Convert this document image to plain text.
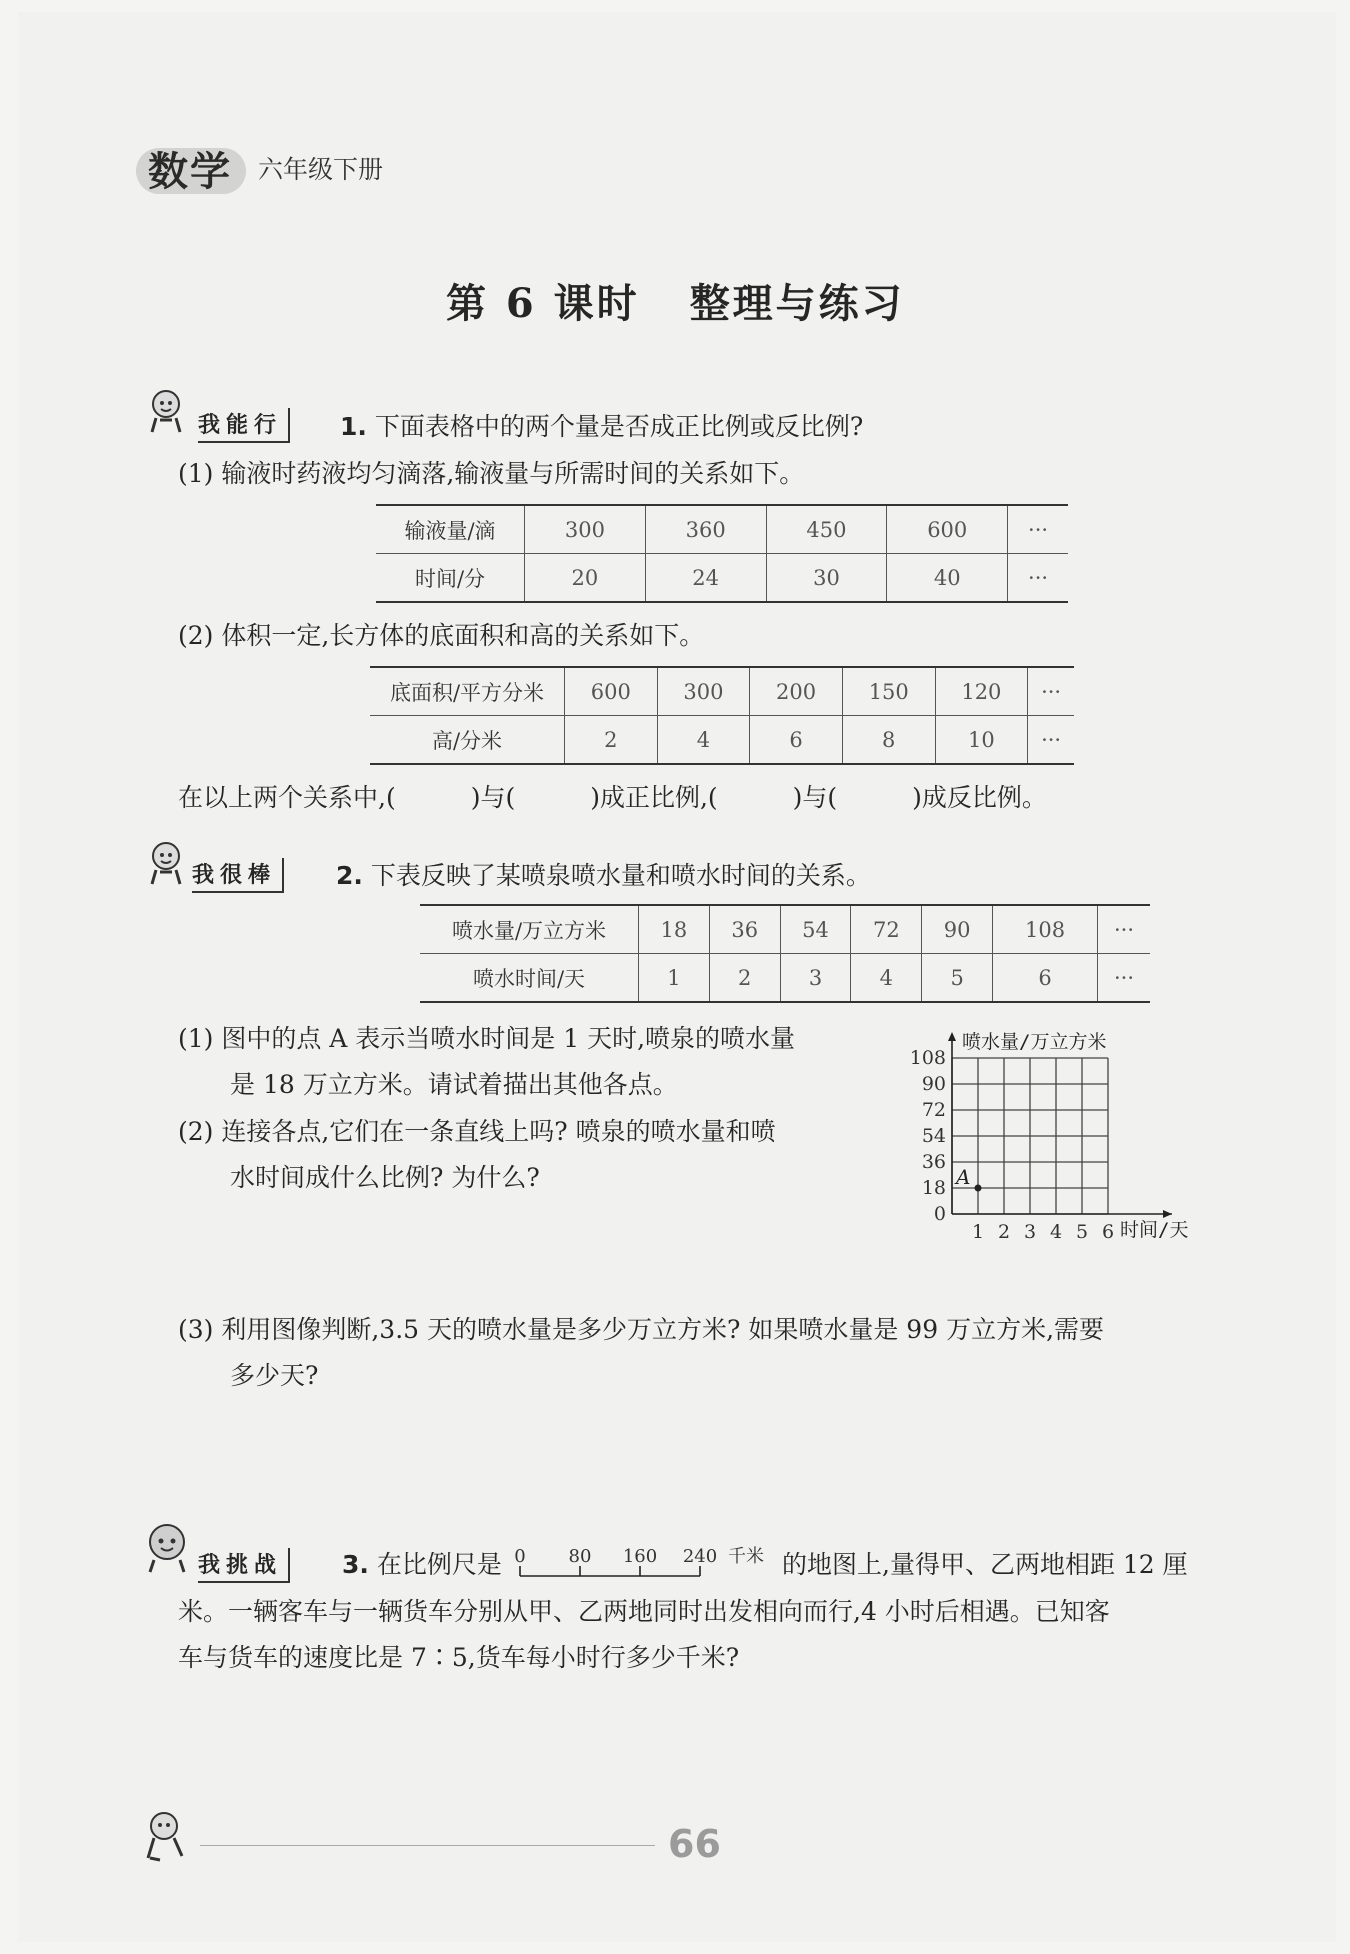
数学 六年级下册
第 6 课时 整理与练习
我能行	1. 下面表格中的两个量是否成正比例或反比例?
(1) 输液时药液均匀滴落,输液量与所需时间的关系如下。
输液量/滴	300	360	450	600	···
时间/分	20	24	30	40	···
(2) 体积一定,长方体的底面积和高的关系如下。
底面积/平方分米	600	300	200	150	120	···
高/分米	2	4	6	8	10	···
在以上两个关系中,(　　　)与(　　　)成正比例,(　　　)与(　　　)成反比例。
我很棒	2. 下表反映了某喷泉喷水量和喷水时间的关系。
喷水量/万立方米	18	36	54	72	90	108	···
喷水时间/天	1	2	3	4	5	6	···
(1) 图中的点 A 表示当喷水时间是 1 天时,喷泉的喷水量
是 18 万立方米。请试着描出其他各点。
(2) 连接各点,它们在一条直线上吗? 喷泉的喷水量和喷
水时间成什么比例? 为什么?
0
18
36
54
72
90
108
1 2 3 4 5 6
喷水量/万立方米
时间/天
A
(3) 利用图像判断,3.5 天的喷水量是多少万立方米? 如果喷水量是 99 万立方米,需要
多少天?
我挑战	3. 在比例尺是 0 80 160 240 千米 的地图上,量得甲、乙两地相距 12 厘
米。一辆客车与一辆货车分别从甲、乙两地同时出发相向而行,4 小时后相遇。已知客
车与货车的速度比是 7∶5,货车每小时行多少千米?
66
